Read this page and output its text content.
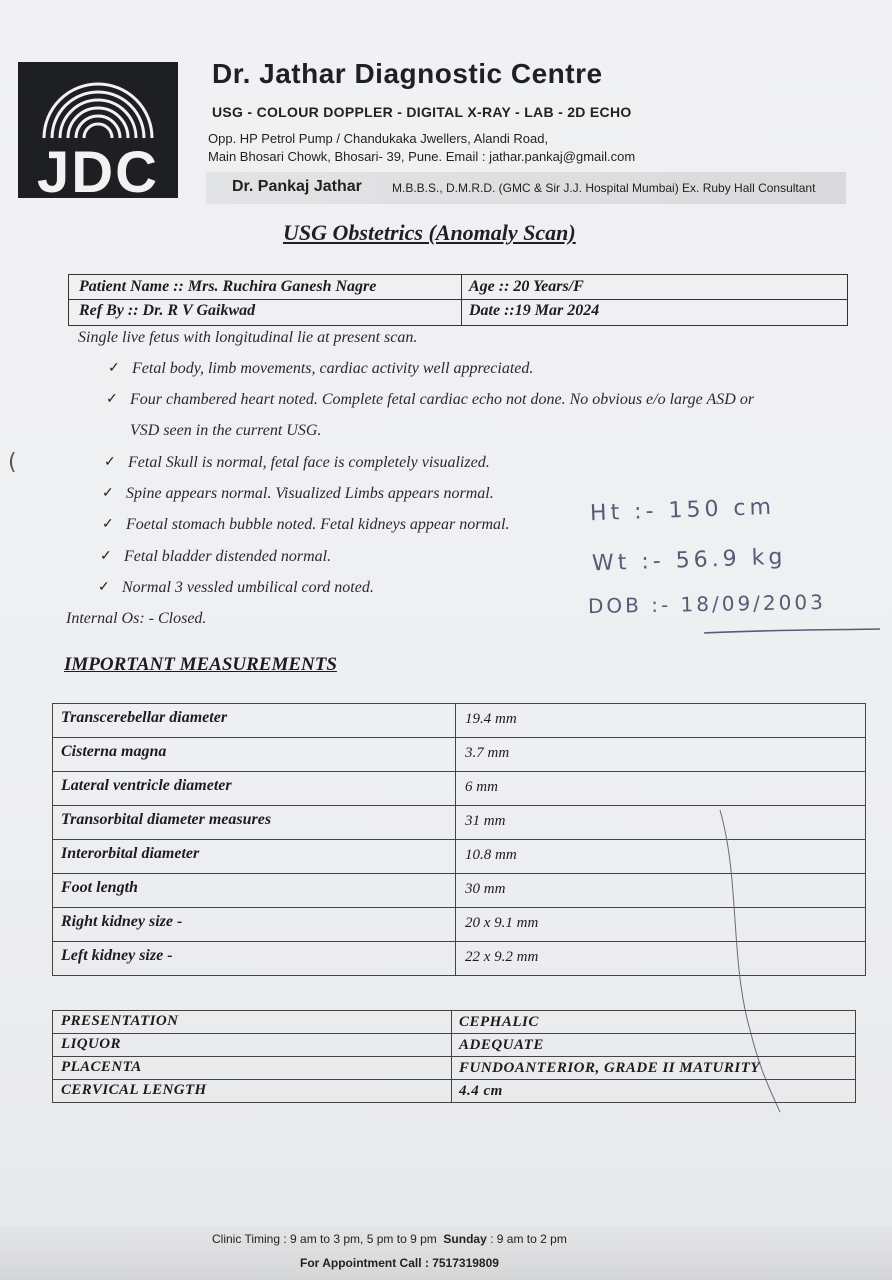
JDC
Dr. Jathar Diagnostic Centre
USG - COLOUR DOPPLER - DIGITAL X-RAY - LAB - 2D ECHO
Opp. HP Petrol Pump / Chandukaka Jwellers, Alandi Road,
Main Bhosari Chowk, Bhosari- 39, Pune. Email : jathar.pankaj@gmail.com
Dr. Pankaj Jathar	M.B.B.S., D.M.R.D. (GMC & Sir J.J. Hospital Mumbai) Ex. Ruby Hall Consultant
USG Obstetrics (Anomaly Scan)
Patient Name :: Mrs. Ruchira Ganesh Nagre	Age :: 20 Years/F
Ref By :: Dr. R V Gaikwad	Date ::19 Mar 2024
Single live fetus with longitudinal lie at present scan.
✓ Fetal body, limb movements, cardiac activity well appreciated.
✓ Four chambered heart noted. Complete fetal cardiac echo not done. No obvious e/o large ASD or
VSD seen in the current USG.
✓ Fetal Skull is normal, fetal face is completely visualized.
✓ Spine appears normal. Visualized Limbs appears normal.
✓ Foetal stomach bubble noted. Fetal kidneys appear normal.
✓ Fetal bladder distended normal.
✓ Normal 3 vessled umbilical cord noted.
Internal Os: - Closed.
Ht :- 150 cm
Wt :- 56.9 kg
DOB :- 18/09/2003
(
IMPORTANT MEASUREMENTS
Transcerebellar diameter	19.4 mm
Cisterna magna	3.7 mm
Lateral ventricle diameter	6 mm
Transorbital diameter measures	31 mm
Interorbital diameter	10.8 mm
Foot length	30 mm
Right kidney size -	20 x 9.1 mm
Left kidney size -	22 x 9.2 mm
PRESENTATION	CEPHALIC
LIQUOR	ADEQUATE
PLACENTA	FUNDOANTERIOR, GRADE II MATURITY
CERVICAL LENGTH	4.4 cm
Clinic Timing : 9 am to 3 pm, 5 pm to 9 pm Sunday : 9 am to 2 pm
For Appointment Call : 7517319809
